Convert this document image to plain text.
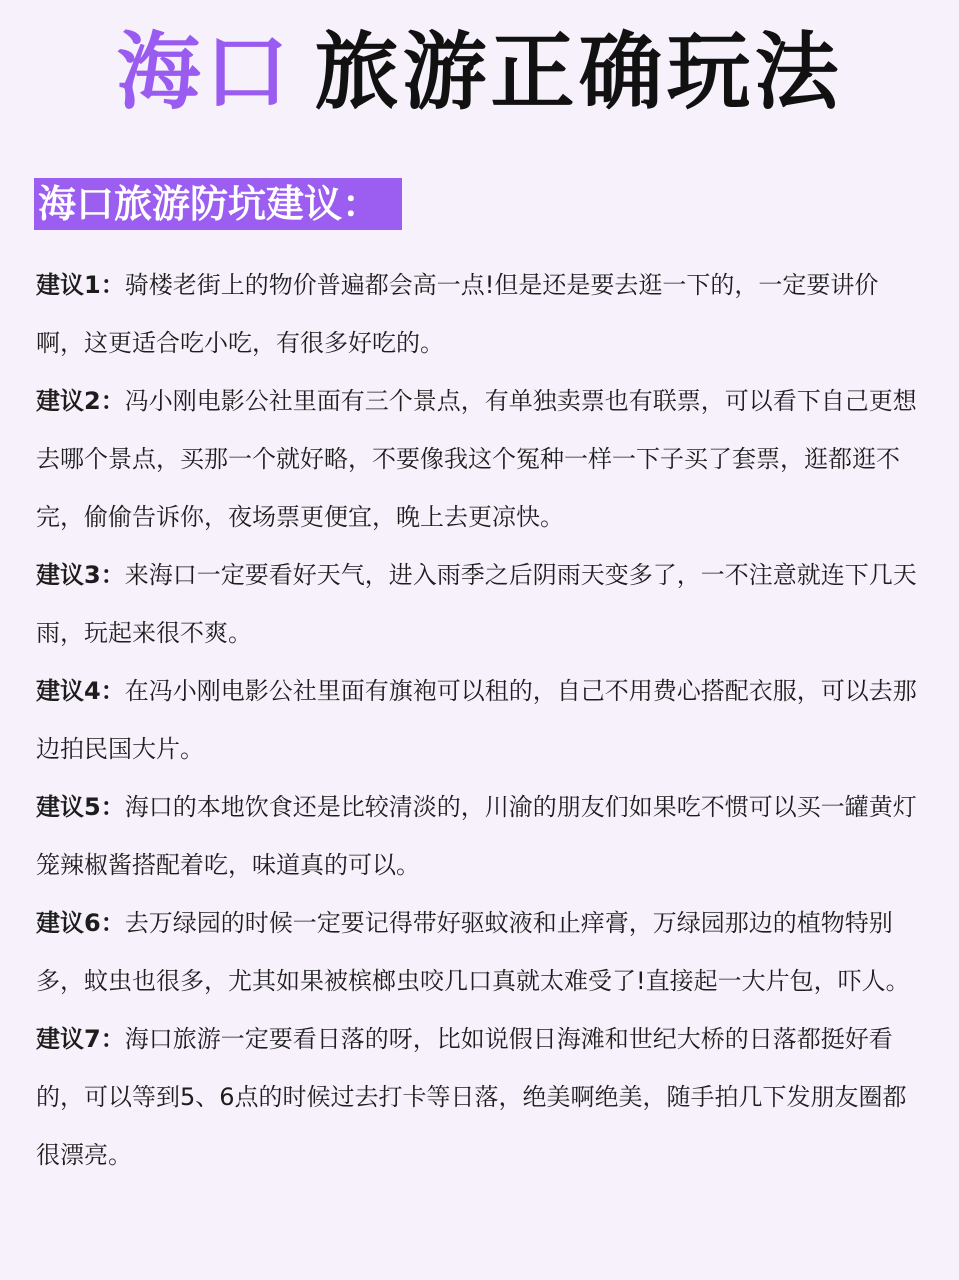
海口 旅游正确玩法
海口旅游防坑建议：
建议1：骑楼老街上的物价普遍都会高一点!但是还是要去逛一下的，一定要讲价啊，这更适合吃小吃，有很多好吃的。
建议2：冯小刚电影公社里面有三个景点，有单独卖票也有联票，可以看下自己更想去哪个景点，买那一个就好略，不要像我这个冤种一样一下子买了套票，逛都逛不完，偷偷告诉你，夜场票更便宜，晚上去更凉快。
建议3：来海口一定要看好天气，进入雨季之后阴雨天变多了，一不注意就连下几天雨，玩起来很不爽。
建议4：在冯小刚电影公社里面有旗袍可以租的，自己不用费心搭配衣服，可以去那边拍民国大片。
建议5：海口的本地饮食还是比较清淡的，川渝的朋友们如果吃不惯可以买一罐黄灯笼辣椒酱搭配着吃，味道真的可以。
建议6：去万绿园的时候一定要记得带好驱蚊液和止痒膏，万绿园那边的植物特别多，蚊虫也很多，尤其如果被槟榔虫咬几口真就太难受了!直接起一大片包，吓人。
建议7：海口旅游一定要看日落的呀，比如说假日海滩和世纪大桥的日落都挺好看的，可以等到5、6点的时候过去打卡等日落，绝美啊绝美，随手拍几下发朋友圈都很漂亮。
